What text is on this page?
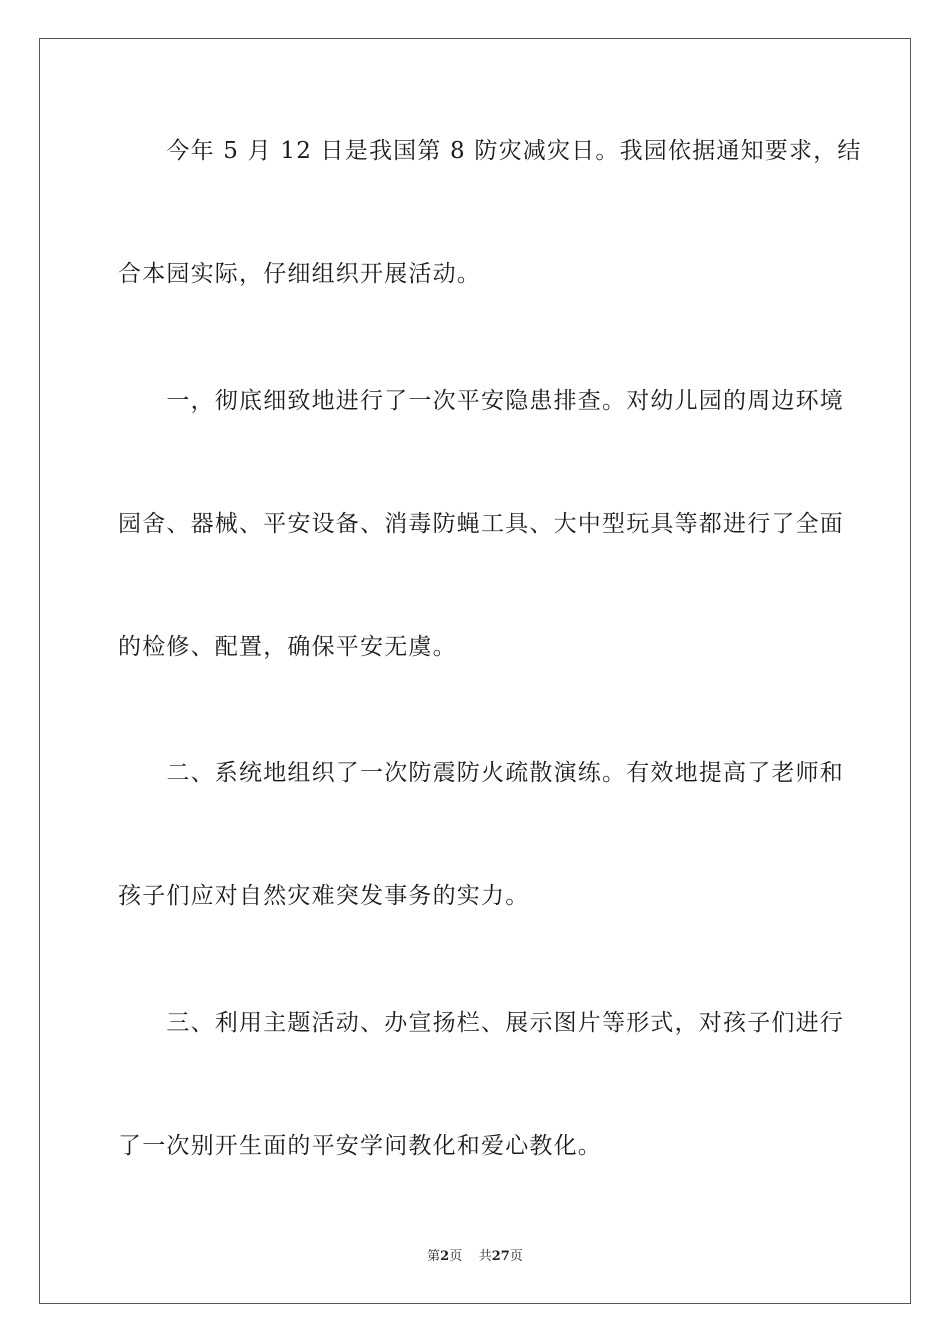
　　今年 5 月 12 日是我国第 8 防灾减灾日。我园依据通知要求，结
合本园实际，仔细组织开展活动。
　　一，彻底细致地进行了一次平安隐患排查。对幼儿园的周边环境
园舍、器械、平安设备、消毒防蝇工具、大中型玩具等都进行了全面
的检修、配置，确保平安无虞。
　　二、系统地组织了一次防震防火疏散演练。有效地提高了老师和
孩子们应对自然灾难突发事务的实力。
　　三、利用主题活动、办宣扬栏、展示图片等形式，对孩子们进行
了一次别开生面的平安学问教化和爱心教化。
第2页 共27页
